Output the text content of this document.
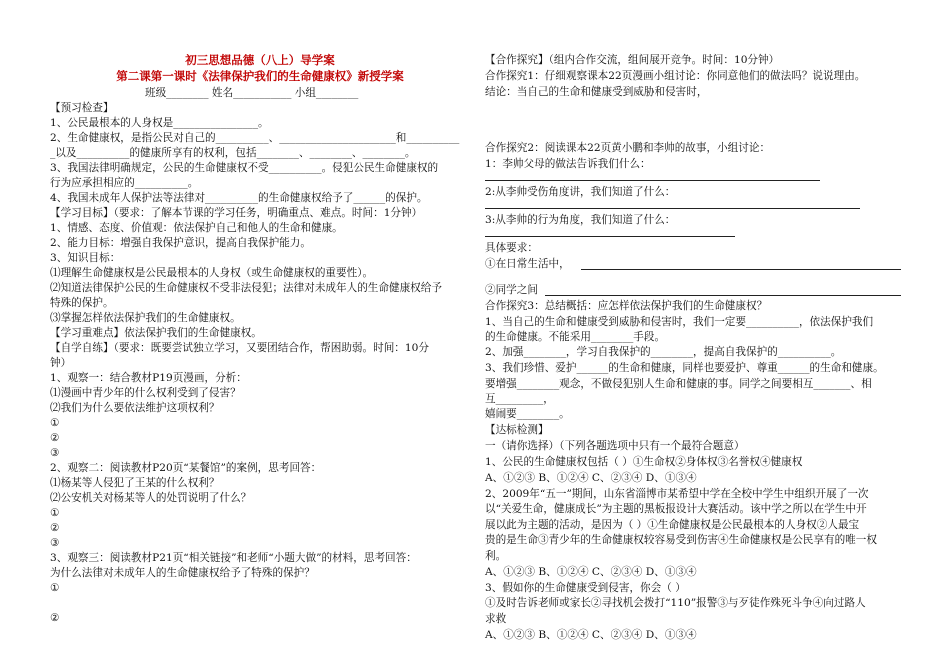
初三思想品德（八上）导学案
第二课第一课时《法律保护我们的生命健康权》新授学案
班级________ 姓名___________ 小组________
【预习检查】
1、公民最根本的人身权是________________。
2、生命健康权，是指公民对自己的__________、______________________和__________
_以及__________的健康所享有的权利，包括________、________、________。
3、我国法律明确规定，公民的生命健康权不受__________。侵犯公民生命健康权的
行为应承担相应的__________。
4、我国未成年人保护法等法律对__________的生命健康权给予了______的保护。
【学习目标】（要求：了解本节课的学习任务，明确重点、难点。时间：1分钟）
1、情感、态度、价值观：依法保护自己和他人的生命和健康。
2、能力目标：增强自我保护意识，提高自我保护能力。
3、知识目标：
⑴理解生命健康权是公民最根本的人身权（或生命健康权的重要性）。
⑵知道法律保护公民的生命健康权不受非法侵犯；法律对未成年人的生命健康权给予
特殊的保护。
⑶掌握怎样依法保护我们的生命健康权。
【学习重难点】依法保护我们的生命健康权。
【自学自练】（要求：既要尝试独立学习，又要团结合作，帮困助弱。时间：10分
钟）
1、观察一：结合教材P19页漫画，分析：
⑴漫画中青少年的什么权利受到了侵害？
⑵我们为什么要依法维护这项权利？
①
②
③
2、观察二：阅读教材P20页“某餐馆”的案例，思考回答：
⑴杨某等人侵犯了王某的什么权利？
⑵公安机关对杨某等人的处罚说明了什么？
①
②
③
3、观察三：阅读教材P21页“相关链接”和老师“小题大做”的材料，思考回答：
为什么法律对未成年人的生命健康权给予了特殊的保护？
①
②
【合作探究】（组内合作交流，组间展开竞争。时间：10分钟）
合作探究1：仔细观察课本22页漫画小组讨论：你同意他们的做法吗？说说理由。
结论：当自己的生命和健康受到威胁和侵害时，
合作探究2：阅读课本22页黄小鹏和李帅的故事，小组讨论：
1：李帅父母的做法告诉我们什么：
2:从李帅受伤角度讲，我们知道了什么：
3:从李帅的行为角度，我们知道了什么：
具体要求：
①在日常生活中，
②同学之间
合作探究3：总结概括：应怎样依法保护我们的生命健康权？
1、当自己的生命和健康受到威胁和侵害时，我们一定要__________，依法保护我们
的生命健康。不能采用________手段。
2、加强________，学习自我保护的________，提高自我保护的__________。
3、我们珍惜、爱护______的生命和健康，同样也要爱护、尊重______的生命和健康。
要增强________观念，不做侵犯别人生命和健康的事。同学之间要相互_______、相
互_________，
嬉闹要________。
【达标检测】
一（请你选择）（下列各题选项中只有一个最符合题意）
1、公民的生命健康权包括（ ）①生命权②身体权③名誉权④健康权
A、①②③ B、①②④ C、②③④ D、①③④
2、2009年“五一”期间，山东省淄博市某希望中学在全校中学生中组织开展了一次
以“关爱生命，健康成长”为主题的黑板报设计大赛活动。该中学之所以在学生中开
展以此为主题的活动，是因为（ ）①生命健康权是公民最根本的人身权②人最宝
贵的是生命③青少年的生命健康权较容易受到伤害④生命健康权是公民享有的唯一权
利。
A、①②③ B、①②④ C、②③④ D、①③④
3、假如你的生命健康受到侵害，你会（ ）
①及时告诉老师或家长②寻找机会拨打“110”报警③与歹徒作殊死斗争④向过路人
求救
A、①②③ B、①②④ C、②③④ D、①③④
